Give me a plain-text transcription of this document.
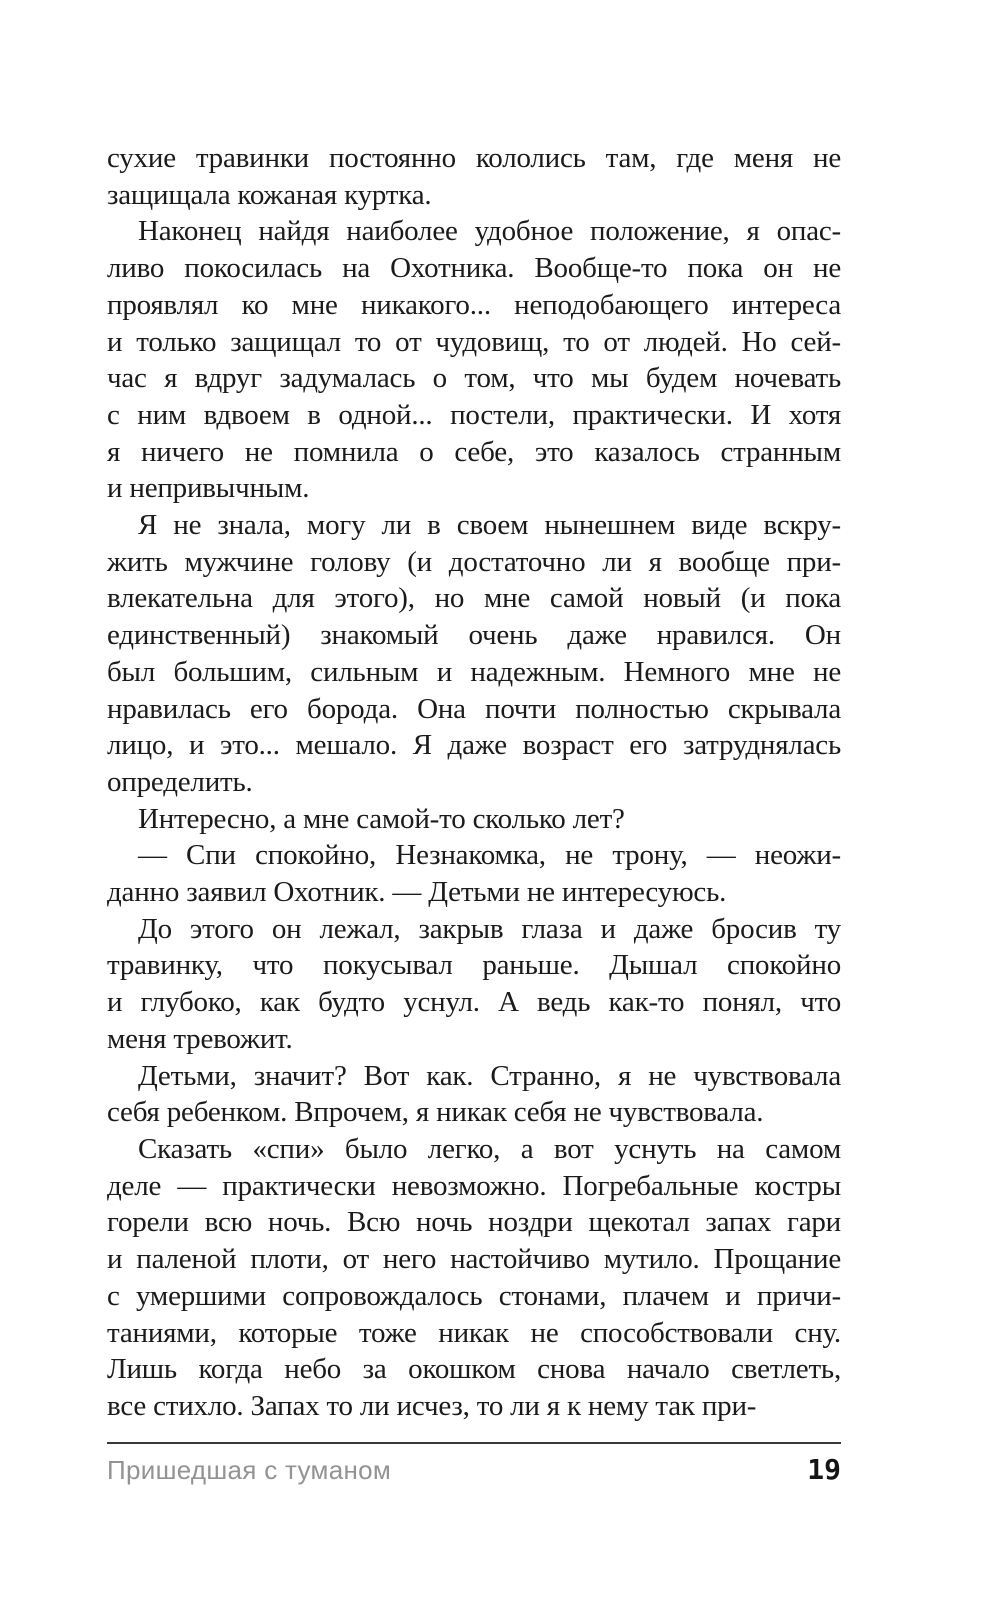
сухие травинки постоянно кололись там, где меня не
защищала кожаная куртка.

Наконец найдя наиболее удобное положение, я опас-
ливо покосилась на Охотника. Вообще-то пока он не
проявлял ко мне никакого... неподобающего интереса
и только защищал то от чудовищ, то от людей. Но сей-
час я вдруг задумалась о том, что мы будем ночевать
с ним вдвоем в одной... постели, практически. И хотя
я ничего не помнила о себе, это казалось странным
и непривычным.

Я не знала, могу ли в своем нынешнем виде вскру-
жить мужчине голову (и достаточно ли я вообще при-
влекательна для этого), но мне самой новый (и пока
единственный) знакомый очень даже нравился. Он
был большим, сильным и надежным. Немного мне не
нравилась его борода. Она почти полностью скрывала
лицо, и это... мешало. Я даже возраст его затруднялась
определить.

Интересно, а мне самой-то сколько лет?

— Спи спокойно, Незнакомка, не трону, — неожи-
данно заявил Охотник. — Детьми не интересуюсь.

До этого он лежал, закрыв глаза и даже бросив ту
травинку, что покусывал раньше. Дышал спокойно
и глубоко, как будто уснул. А ведь как-то понял, что
меня тревожит.

Детьми, значит? Вот как. Странно, я не чувствовала
себя ребенком. Впрочем, я никак себя не чувствовала.

Сказать «спи» было легко, а вот уснуть на самом
деле — практически невозможно. Погребальные костры
горели всю ночь. Всю ночь ноздри щекотал запах гари
и паленой плоти, от него настойчиво мутило. Прощание
с умершими сопровождалось стонами, плачем и причи-
таниями, которые тоже никак не способствовали сну.
Лишь когда небо за окошком снова начало светлеть,
все стихло. Запах то ли исчез, то ли я к нему так при-

Пришедшая с туманом	19
